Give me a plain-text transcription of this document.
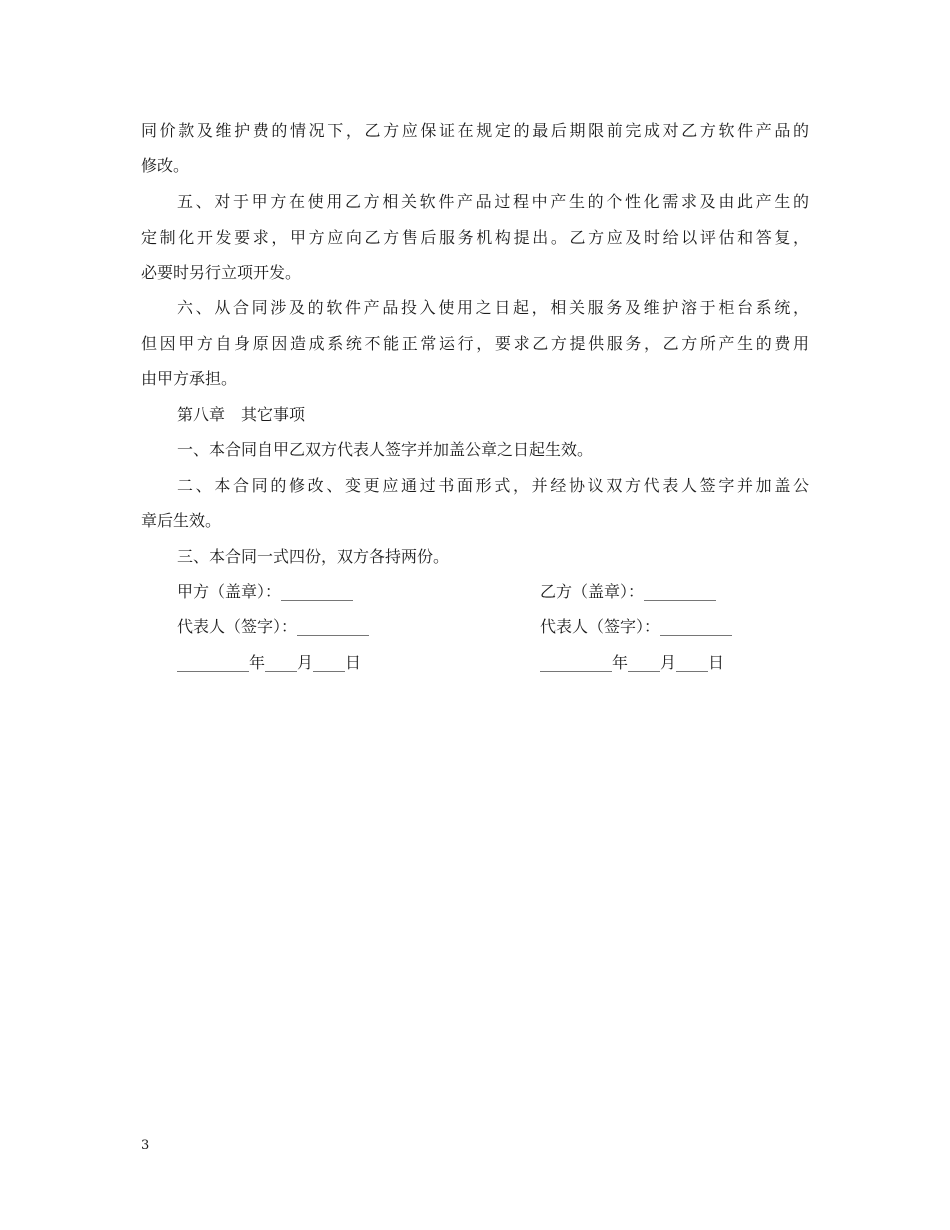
同价款及维护费的情况下，乙方应保证在规定的最后期限前完成对乙方软件产品的
修改。
五、对于甲方在使用乙方相关软件产品过程中产生的个性化需求及由此产生的
定制化开发要求，甲方应向乙方售后服务机构提出。乙方应及时给以评估和答复，
必要时另行立项开发。
六、从合同涉及的软件产品投入使用之日起，相关服务及维护溶于柜台系统，
但因甲方自身原因造成系统不能正常运行，要求乙方提供服务，乙方所产生的费用
由甲方承担。
第八章　其它事项
一、本合同自甲乙双方代表人签字并加盖公章之日起生效。
二、本合同的修改、变更应通过书面形式，并经协议双方代表人签字并加盖公
章后生效。
三、本合同一式四份，双方各持两份。
甲方（盖章）：_________	乙方（盖章）：_________
代表人（签字）：_________	代表人（签字）：_________
_________年____月____日	_________年____月____日
3
